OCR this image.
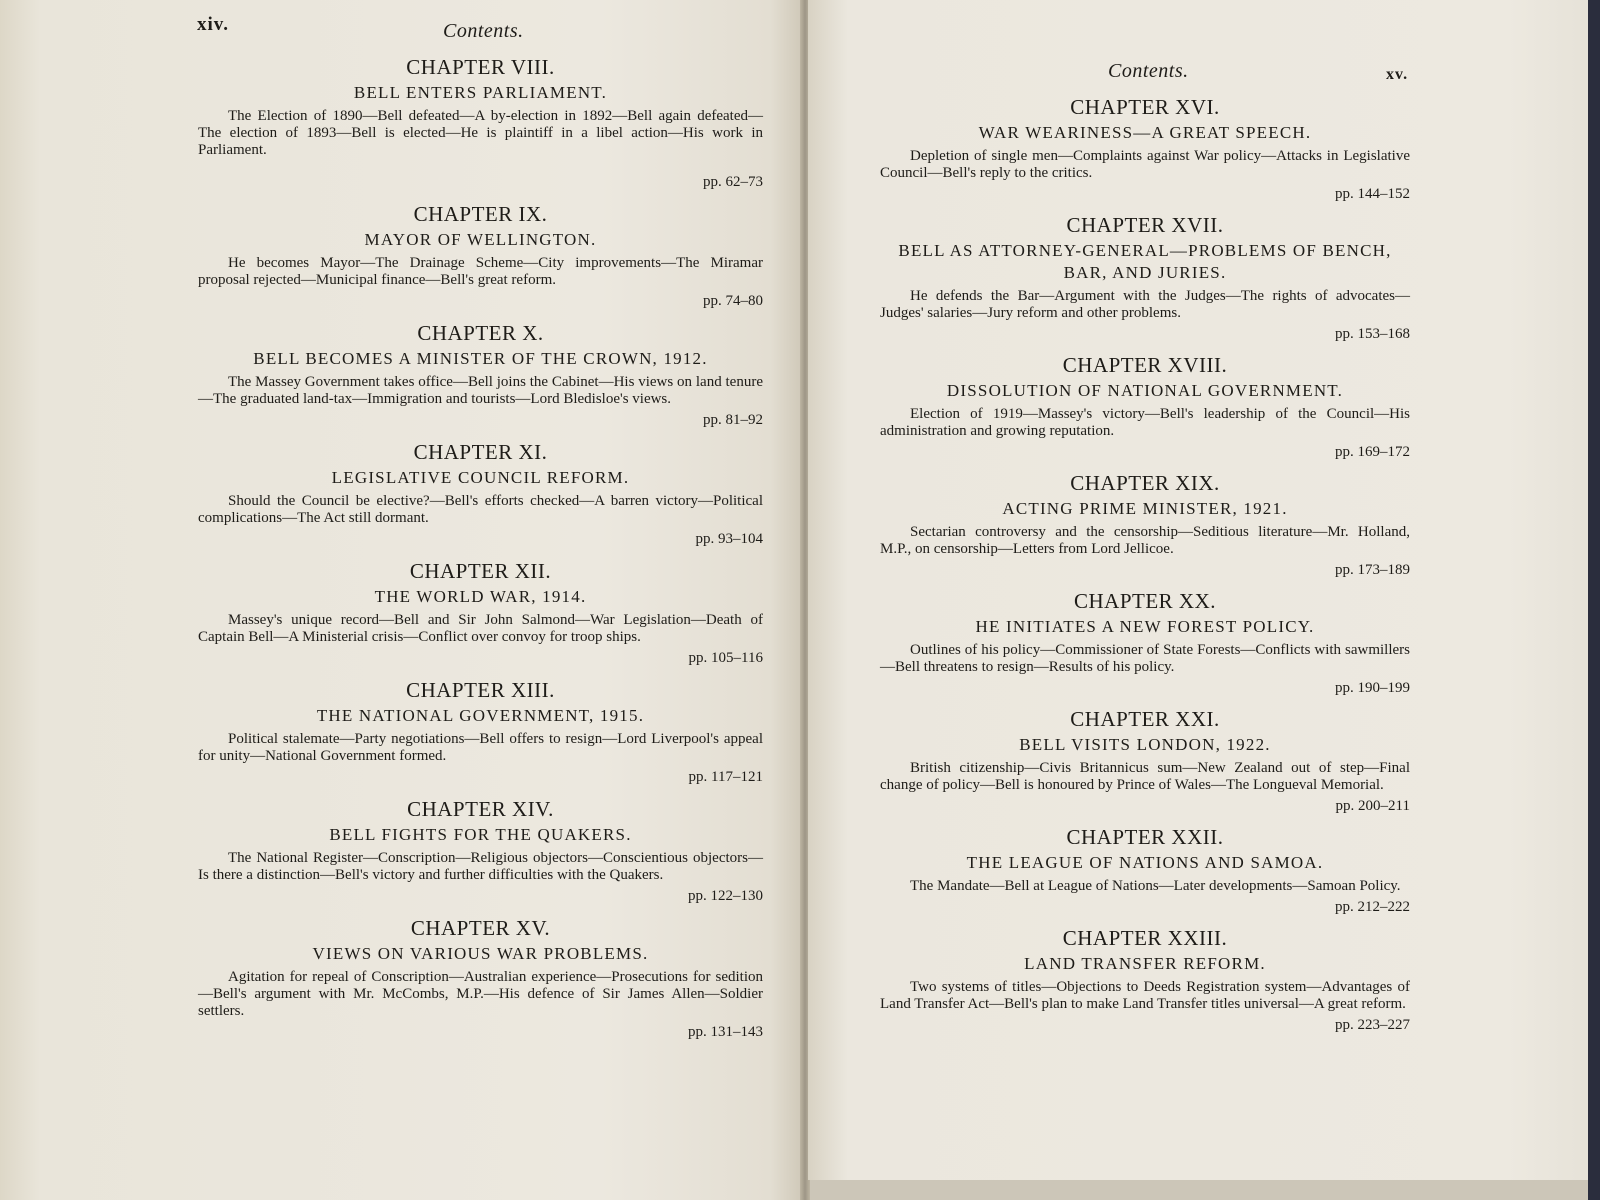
xiv.	Contents.

CHAPTER VIII.

BELL ENTERS PARLIAMENT.

The Election of 1890—Bell defeated—A by-election in 1892—Bell again defeated—The election of 1893—Bell is elected—He is plaintiff in a libel action—His work in Parliament.

pp. 62–73

CHAPTER IX.

MAYOR OF WELLINGTON.

He becomes Mayor—The Drainage Scheme—City improvements—The Miramar proposal rejected—Municipal finance—Bell's great reform.

pp. 74–80

CHAPTER X.

BELL BECOMES A MINISTER OF THE CROWN, 1912.

The Massey Government takes office—Bell joins the Cabinet—His views on land tenure—The graduated land-tax—Immigration and tourists—Lord Bledisloe's views.

pp. 81–92

CHAPTER XI.

LEGISLATIVE COUNCIL REFORM.

Should the Council be elective?—Bell's efforts checked—A barren victory—Political complications—The Act still dormant.

pp. 93–104

CHAPTER XII.

THE WORLD WAR, 1914.

Massey's unique record—Bell and Sir John Salmond—War Legislation—Death of Captain Bell—A Ministerial crisis—Conflict over convoy for troop ships.

pp. 105–116

CHAPTER XIII.

THE NATIONAL GOVERNMENT, 1915.

Political stalemate—Party negotiations—Bell offers to resign—Lord Liverpool's appeal for unity—National Government formed.

pp. 117–121

CHAPTER XIV.

BELL FIGHTS FOR THE QUAKERS.

The National Register—Conscription—Religious objectors—Conscientious objectors—Is there a distinction—Bell's victory and further difficulties with the Quakers.

pp. 122–130

CHAPTER XV.

VIEWS ON VARIOUS WAR PROBLEMS.

Agitation for repeal of Conscription—Australian experience—Prosecutions for sedition—Bell's argument with Mr. McCombs, M.P.—His defence of Sir James Allen—Soldier settlers.

pp. 131–143

Contents.	xv.

CHAPTER XVI.

WAR WEARINESS—A GREAT SPEECH.

Depletion of single men—Complaints against War policy—Attacks in Legislative Council—Bell's reply to the critics.

pp. 144–152

CHAPTER XVII.

BELL AS ATTORNEY-GENERAL—PROBLEMS OF BENCH, BAR, AND JURIES.

He defends the Bar—Argument with the Judges—The rights of advocates—Judges' salaries—Jury reform and other problems.

pp. 153–168

CHAPTER XVIII.

DISSOLUTION OF NATIONAL GOVERNMENT.

Election of 1919—Massey's victory—Bell's leadership of the Council—His administration and growing reputation.

pp. 169–172

CHAPTER XIX.

ACTING PRIME MINISTER, 1921.

Sectarian controversy and the censorship—Seditious literature—Mr. Holland, M.P., on censorship—Letters from Lord Jellicoe.

pp. 173–189

CHAPTER XX.

HE INITIATES A NEW FOREST POLICY.

Outlines of his policy—Commissioner of State Forests—Conflicts with sawmillers—Bell threatens to resign—Results of his policy.

pp. 190–199

CHAPTER XXI.

BELL VISITS LONDON, 1922.

British citizenship—Civis Britannicus sum—New Zealand out of step—Final change of policy—Bell is honoured by Prince of Wales—The Longueval Memorial.

pp. 200–211

CHAPTER XXII.

THE LEAGUE OF NATIONS AND SAMOA.

The Mandate—Bell at League of Nations—Later developments—Samoan Policy.

pp. 212–222

CHAPTER XXIII.

LAND TRANSFER REFORM.

Two systems of titles—Objections to Deeds Registration system—Advantages of Land Transfer Act—Bell's plan to make Land Transfer titles universal—A great reform.

pp. 223–227
